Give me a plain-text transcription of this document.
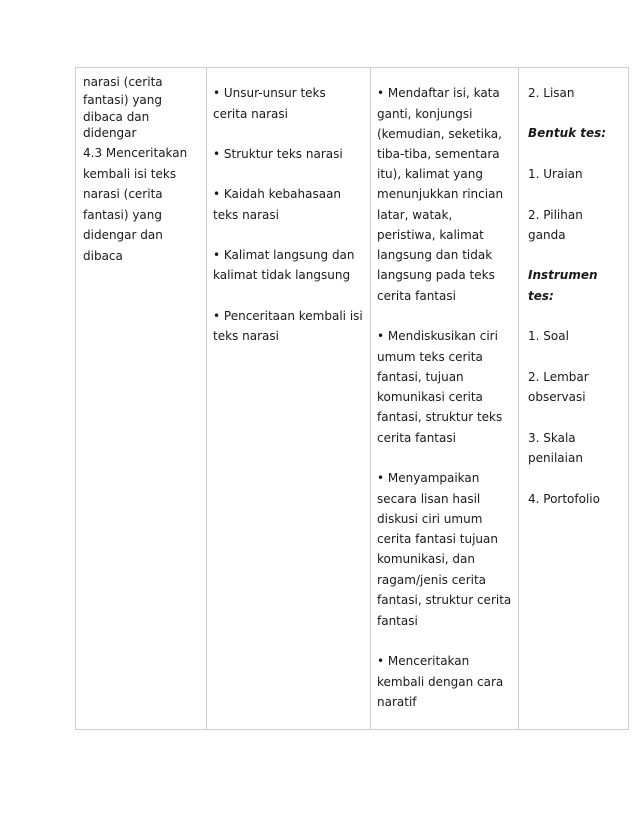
narasi (cerita
fantasi) yang
dibaca dan
didengar
4.3 Menceritakan
kembali isi teks
narasi (cerita
fantasi) yang
didengar dan
dibaca
• Unsur-unsur teks
cerita narasi
• Struktur teks narasi
• Kaidah kebahasaan
teks narasi
• Kalimat langsung dan
kalimat tidak langsung
• Penceritaan kembali isi
teks narasi
• Mendaftar isi, kata
ganti, konjungsi
(kemudian, seketika,
tiba-tiba, sementara
itu), kalimat yang
menunjukkan rincian
latar, watak,
peristiwa, kalimat
langsung dan tidak
langsung pada teks
cerita fantasi
• Mendiskusikan ciri
umum teks cerita
fantasi, tujuan
komunikasi cerita
fantasi, struktur teks
cerita fantasi
• Menyampaikan
secara lisan hasil
diskusi ciri umum
cerita fantasi tujuan
komunikasi, dan
ragam/jenis cerita
fantasi, struktur cerita
fantasi
• Menceritakan
kembali dengan cara
naratif
2. Lisan
Bentuk tes:
1. Uraian
2. Pilihan
ganda
Instrumen
tes:
1. Soal
2. Lembar
observasi
3. Skala
penilaian
4. Portofolio
